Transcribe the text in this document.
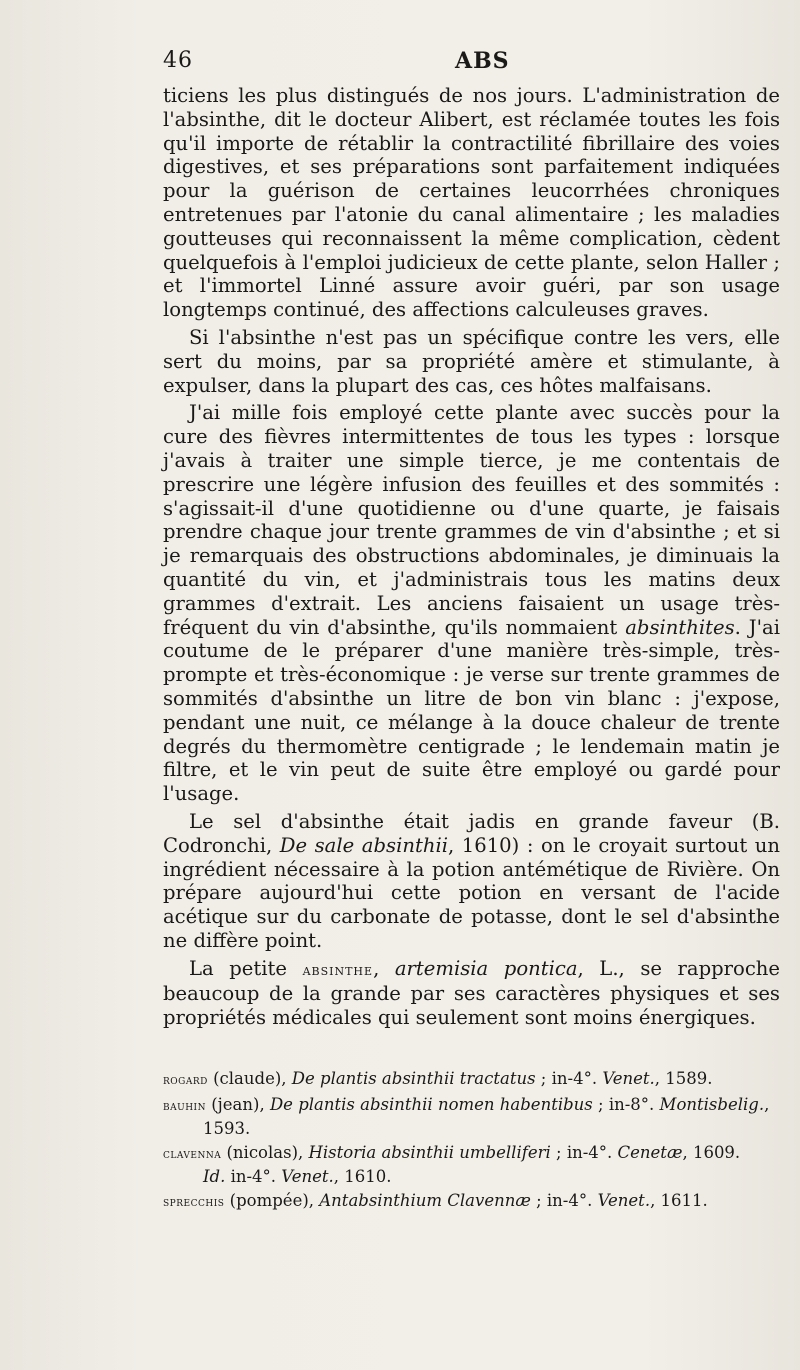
46	ABS

ticiens les plus distingués de nos jours. L'administration de l'absinthe, dit le docteur Alibert, est réclamée toutes les fois qu'il importe de rétablir la contractilité fibrillaire des voies digestives, et ses préparations sont parfaitement indiquées pour la guérison de certaines leucorrhées chroniques entretenues par l'atonie du canal alimentaire ; les maladies goutteuses qui reconnaissent la même complication, cèdent quelquefois à l'emploi judicieux de cette plante, selon Haller ; et l'immortel Linné assure avoir guéri, par son usage longtemps continué, des affections calculeuses graves.

Si l'absinthe n'est pas un spécifique contre les vers, elle sert du moins, par sa propriété amère et stimulante, à expulser, dans la plupart des cas, ces hôtes malfaisans.

J'ai mille fois employé cette plante avec succès pour la cure des fièvres intermittentes de tous les types : lorsque j'avais à traiter une simple tierce, je me contentais de prescrire une légère infusion des feuilles et des sommités : s'agissait-il d'une quotidienne ou d'une quarte, je faisais prendre chaque jour trente grammes de vin d'absinthe ; et si je remarquais des obstructions abdominales, je diminuais la quantité du vin, et j'administrais tous les matins deux grammes d'extrait. Les anciens faisaient un usage très-fréquent du vin d'absinthe, qu'ils nommaient absinthites. J'ai coutume de le préparer d'une manière très-simple, très-prompte et très-économique : je verse sur trente grammes de sommités d'absinthe un litre de bon vin blanc : j'expose, pendant une nuit, ce mélange à la douce chaleur de trente degrés du thermomètre centigrade ; le lendemain matin je filtre, et le vin peut de suite être employé ou gardé pour l'usage.

Le sel d'absinthe était jadis en grande faveur (B. Codronchi, De sale absinthii, 1610) : on le croyait surtout un ingrédient nécessaire à la potion antémétique de Rivière. On prépare aujourd'hui cette potion en versant de l'acide acétique sur du carbonate de potasse, dont le sel d'absinthe ne diffère point.

La petite absinthe, artemisia pontica, L., se rapproche beaucoup de la grande par ses caractères physiques et ses propriétés médicales qui seulement sont moins énergiques.

rogard (claude), De plantis absinthii tractatus ; in-4°. Venet., 1589.

bauhin (jean), De plantis absinthii nomen habentibus ; in-8°. Montisbelig., 1593.

clavenna (nicolas), Historia absinthii umbelliferi ; in-4°. Cenetæ, 1609.
Id. in-4°. Venet., 1610.

sprecchis (pompée), Antabsinthium Clavennæ ; in-4°. Venet., 1611.
